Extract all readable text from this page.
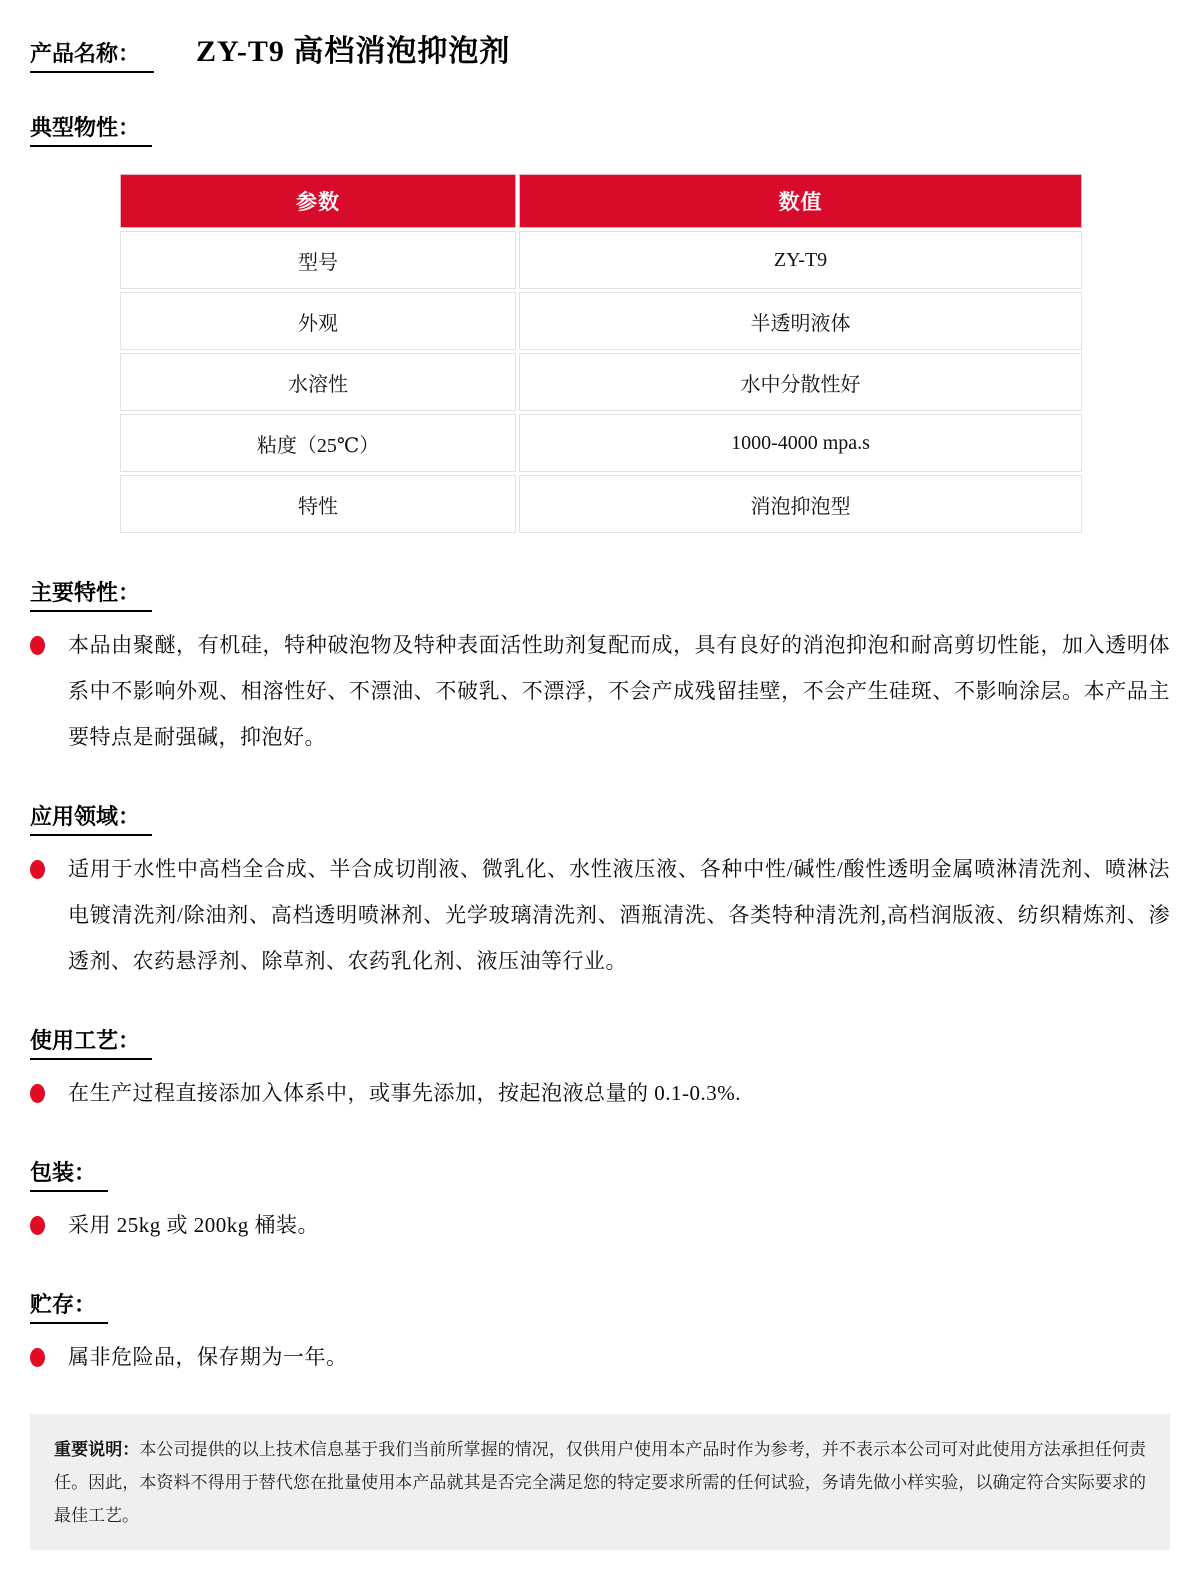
产品名称：	ZY-T9 高档消泡抑泡剂
典型物性：
参数	数值
型号	ZY-T9
外观	半透明液体
水溶性	水中分散性好
粘度（25℃）	1000-4000 mpa.s
特性	消泡抑泡型
主要特性：

本品由聚醚，有机硅，特种破泡物及特种表面活性助剂复配而成，具有良好的消泡抑泡和耐高剪切性能，加入透明体系中不影响外观、相溶性好、不漂油、不破乳、不漂浮，不会产成残留挂壁，不会产生硅斑、不影响涂层。本产品主要特点是耐强碱，抑泡好。

应用领域：

适用于水性中高档全合成、半合成切削液、微乳化、水性液压液、各种中性/碱性/酸性透明金属喷淋清洗剂、喷淋法电镀清洗剂/除油剂、高档透明喷淋剂、光学玻璃清洗剂、酒瓶清洗、各类特种清洗剂,高档润版液、纺织精炼剂、渗透剂、农药悬浮剂、除草剂、农药乳化剂、液压油等行业。

使用工艺：

在生产过程直接添加入体系中，或事先添加，按起泡液总量的 0.1-0.3%.

包装：

采用 25kg 或 200kg 桶装。

贮存：

属非危险品，保存期为一年。

重要说明：本公司提供的以上技术信息基于我们当前所掌握的情况，仅供用户使用本产品时作为参考，并不表示本公司可对此使用方法承担任何责任。因此，本资料不得用于替代您在批量使用本产品就其是否完全满足您的特定要求所需的任何试验，务请先做小样实验，以确定符合实际要求的最佳工艺。
